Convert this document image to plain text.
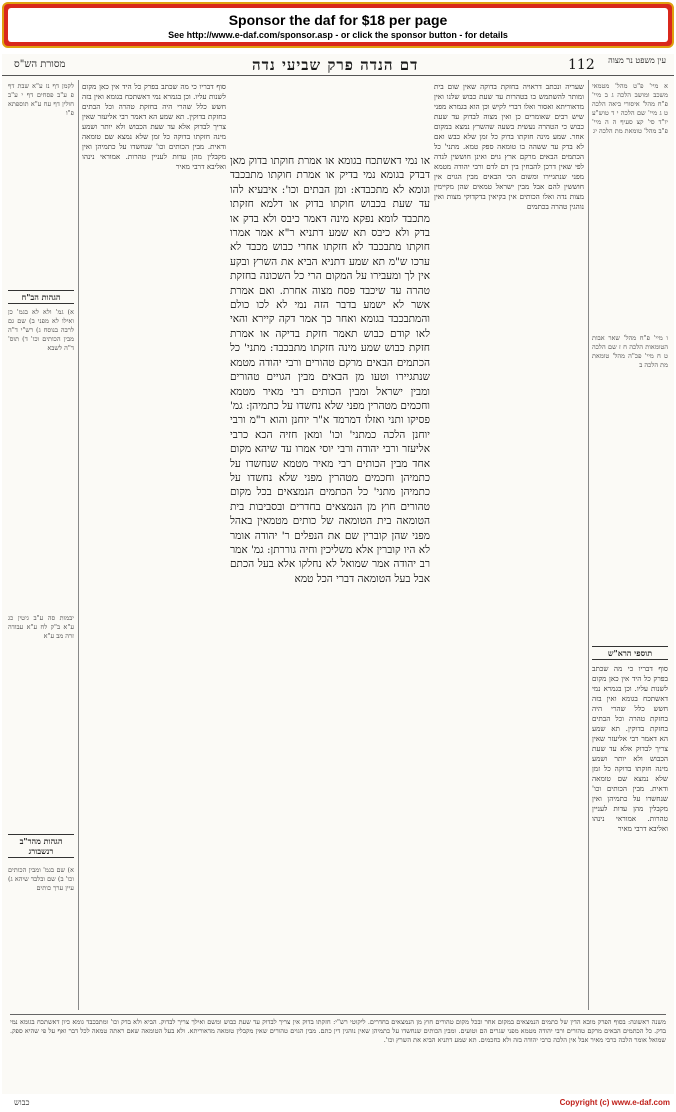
Sponsor the daf for $18 per page
See http://www.e-daf.com/sponsor.asp - or click the sponsor button - for details
מסורת הש"ס	דם הנדה פרק שביעי נדה	112 עין משפט נר מצוה
א מיי' פ"ט מהל' מטמאי משכב ומושב הלכה ג ב מיי' פ"ח מהל' איסורי ביאה הלכה ט ג מיי' שם הלכה י ד טוש"ע יו"ד סי' קצ סעיף ה ה מיי' פ"ב מהל' טומאת מת הלכה יג
ו מיי' פ"ח מהל' שאר אבות הטומאות הלכה ח ז שם הלכה ט ח מיי' פכ"ה מהל' טומאת מת הלכה ב
תוספי הרא"ש
סוף דבריו כי מה שכתב בפרק כל היד אין כאן מקום לשנות עליו. וכן בגמרא נמי דאשתכח בגומא ואין בזה חשש כלל שהרי היה בחזקת טהרה וכל הבתים בחזקת בדוקין. תא שמע הא דאמר רבי אליעזר שאין צריך לבדוק אלא עד שעת הכבוש ולא יותר ושמע מינה חזקתו בדוקה כל זמן שלא נמצא שם טומאה ודאית. מבין הכותים וכו' שנחשדו על כתמיהן ואין מקבלין מהן עדות לעניין טהרות. אמוראי נינהו ואליבא דרבי מאיר
שעריה ונכתב דראויה בחזקת בדוקה שאין שום בית ומותר להשתמש בו בטהרות עד שעת כבוש שלנו ואין מדאוריתא ואסור ואלו דברי לקיש וכן הוא בגמרא מפני שיש רבים שאומרים כן ואין מצוה לבדוק עד שעת כבוש כי הטהרה נעשית בשעה שהשרץ נמצא במקום אחר. שמע מינה חזקתו בדוק כל זמן שלא כבש ואם לא בדק עד ששהה בו טומאה ספק טמא. מתני' כל הכתמים הבאים מרקם ארץ גוים ואינן חוששין לנדה לפי שאין דרכן להבחין בין דם לדם ורבי יהודה מטמא מפני שנתגיירו ומשום הכי הבאים מבין הגוים אין חוששין להם אבל מבין ישראל טמאים שהן מקיימין מצות נדה ואלו הכותים אין בקיאין בדקדוקי מצות ואין נוהגין טהרה בכתמים
או נמי דאשתכח בגומא או אמרת חוקתו בדוק מאן דבדק בגומא נמי בדיק או אמרת חוקתו מתבכבד וגומא לא מתכבדא: ומן הבתים וכו': איבעיא להו עד שעת בכבוש חוקתו בדוק או דלמא חזקתו מתכבד לומא נפקא מינה דאמר כיבס ולא בדק או בדק ולא כיבס תא שמע דתניא ר"א אמר אמרו חוקתו מתבכבד לא חזקתו אחרי כבוש מכבד לא ערכו ש"מ תא שמע דתניא הביא את השרץ ובקע אין לך ומעבירו על המקום הרי כל השכונה בחזקת טהרה עד שיכבד פסח מצוה אחרת. ואם אמרת אשר לא ישמע בדבר הזה נמי לא לכו כולם והמתבכבד בגומא ואחר כך אמר דקה קיירא והאי לאו קודם כבוש תאמר חזקת בדיקה או אמרת חזקת כבוש שמע מינה חזקתו מתבכבד: מתני' כל הכתמים הבאים מרקם טהורים ורבי יהודה מטמא שנתגיירו וטעו מן הבאים מבין הגויים טהורים ומבין ישראל ומבין הכותים רבי מאיר מטמא וחכמים מטהרין מפני שלא נחשדו על כתמיהן: גמ' פסיקו ותני ואזלו דמרמד א"ר יוחנן והוא ר"מ ורבי יוחנן הלכה כמתני' וכו' ומאן חזיה הכא כרבי אליעזר ורבי יהודה ורבי יוסי אמרו עד שיהא מקום אחד מבין הכותים רבי מאיר מטמא שנחשדו על כתמיהן וחכמים מטהרין מפני שלא נחשדו על כתמיהן מתני' כל הכתמים הנמצאים בכל מקום טהורים חוץ מן הנמצאים בחדרים ובסביבות בית הטומאה בית הטומאה של כותים מטמאין באהל מפני שהן קוברין שם את הנפלים ר' יהודה אומר לא היו קוברין אלא משליכין וחיה גוררתן: גמ' אמר רב יהודה אמר שמואל לא נחלקו אלא בעל הכתם אבל בעל הטומאה דברי הכל טמא
סוף דבריו כי מה שכתב בפרק כל היד אין כאן מקום לשנות עליו. וכן בגמרא נמי דאשתכח בגומא ואין בזה חשש כלל שהרי היה בחזקת טהרה וכל הבתים בחזקת בדוקין. תא שמע הא דאמר רבי אליעזר שאין צריך לבדוק אלא עד שעת הכבוש ולא יותר ושמע מינה חזקתו בדוקה כל זמן שלא נמצא שם טומאה ודאית. מבין הכותים וכו' שנחשדו על כתמיהן ואין מקבלין מהן עדות לעניין טהרות. אמוראי נינהו ואליבא דרבי מאיר
לקמן דף נז ע"א שבת דף פ ע"ב פסחים דף י ע"ב חולין דף עח ע"א תוספתא פ"ו
הגהות הב"ח
א) גמ' ולא לא בגמ' כן ואילו לא מפני ב) שם גם לרבה בנוסח ג) רש"י ד"ה מבין הכותים וכו' ד) תוס' ד"ה לשבא
יבמות סה ע"ב גיטין כג ע"א ב"ק לח ע"א עבודה זרה מב ע"א
הגהות מהר"ב רנשבורג
א) שם בגמ' ומבין הכותים וכו' ב) שם ובלבד שיהא ג) עיין ערך כותים
משנה ראשונה: בסוף הפרק מובא הדין של כתמים הנמצאים במקום אחר ובכל מקום טהורים חוץ מן הנמצאים בחדרים. ליקוטי רש"י: חזקתו בדוק אין צריך לבדוק עד שעת כבוש ומשם ואילך צריך לבדוק. הביא ולא בדק וכו' ומתבכבד גומא כיון דאשתכח בגומא נמי בדק. כל הכתמים הבאים מרקם טהורים ורבי יהודה מטמא מפני שגרים הם וטועים. ומבין הכותים שנחשדו על כתמיהן שאין נוהגין דין כתם. מבין הגוים טהורים שאין מקבלין טומאה מדאוריתא. ולא בעל הטומאה שאם ראתה טמאה לכל דבר ואף על פי שהיא ספק. שמואל אומר הלכה כרבי מאיר אבל אין הלכה כרבי יהודה בזה ולא כחכמים. תא שמע דתניא הביא את השרץ וכו'.
כבוש	Copyright (c) www.e-daf.com
